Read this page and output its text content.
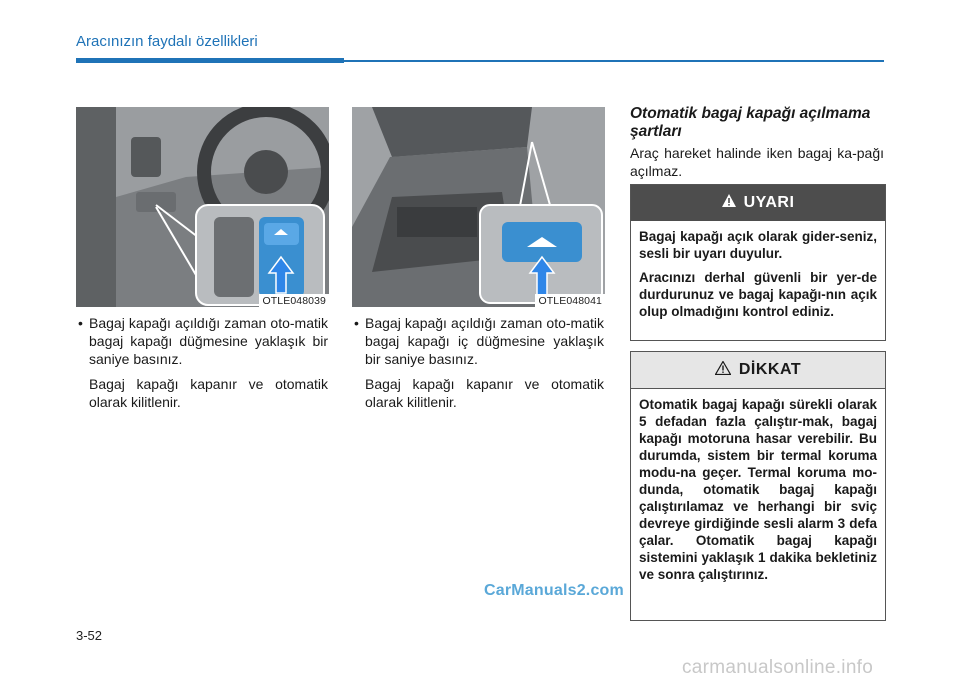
Aracınızın faydalı özellikleri
OTLE048039	OTLE048041
• Bagaj kapağı açıldığı zaman oto-matik bagaj kapağı düğmesine yaklaşık bir saniye basınız.

Bagaj kapağı kapanır ve otomatik olarak kilitlenir.

• Bagaj kapağı açıldığı zaman oto-matik bagaj kapağı iç düğmesine yaklaşık bir saniye basınız.

Bagaj kapağı kapanır ve otomatik olarak kilitlenir.

Otomatik bagaj kapağı açılmama şartları
Araç hareket halinde iken bagaj ka-pağı açılmaz.
UYARI

Bagaj kapağı açık olarak gider-seniz, sesli bir uyarı duyulur.

Aracınızı derhal güvenli bir yer-de durdurunuz ve bagaj kapağı-nın açık olup olmadığını kontrol ediniz.

DİKKAT

Otomatik bagaj kapağı sürekli olarak 5 defadan fazla çalıştır-mak, bagaj kapağı motoruna hasar verebilir. Bu durumda, sistem bir termal koruma modu-na geçer. Termal koruma mo-dunda, otomatik bagaj kapağı çalıştırılamaz ve herhangi bir sviç devreye girdiğinde sesli alarm 3 defa çalar. Otomatik bagaj kapağı sistemini yaklaşık 1 dakika bekletiniz ve sonra çalıştırınız.

3-52
CarManuals2.com
carmanualsonline.info
